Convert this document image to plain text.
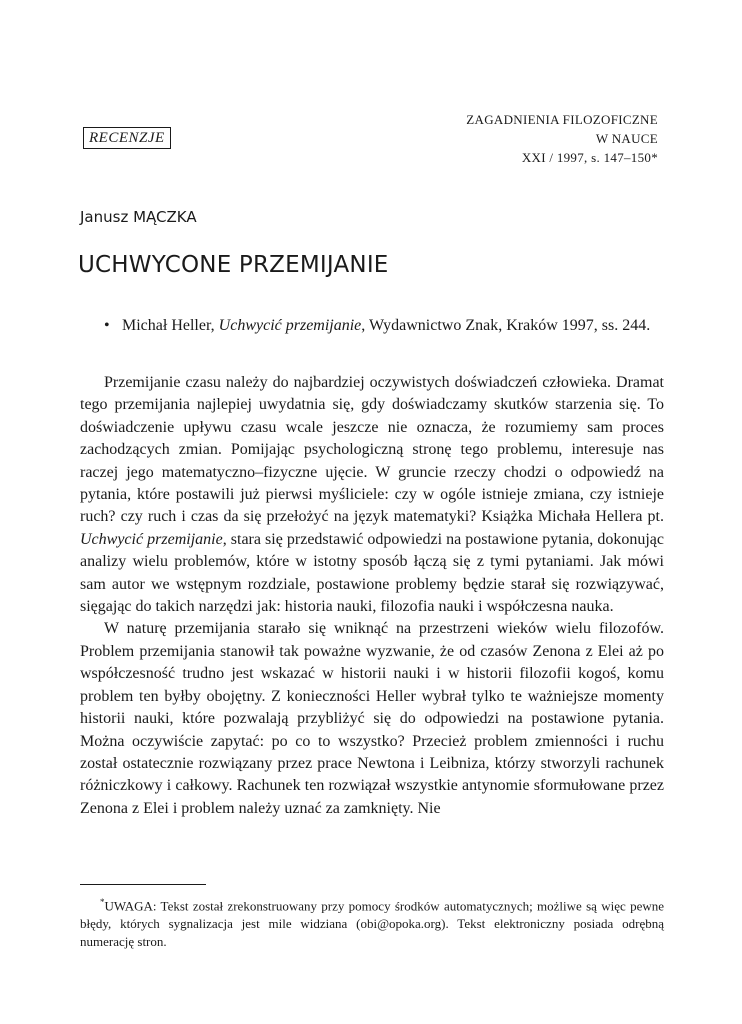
ZAGADNIENIA FILOZOFICZNE
W NAUCE
XXI / 1997, s. 147–150*
RECENZJE
Janusz MĄCZKA
UCHWYCONE PRZEMIJANIE
• Michał Heller, Uchwycić przemijanie, Wydawnictwo Znak, Kraków 1997, ss. 244.

Przemijanie czasu należy do najbardziej oczywistych doświadczeń człowieka. Dramat tego przemijania najlepiej uwydatnia się, gdy doświadczamy skutków starzenia się. To doświadczenie upływu czasu wcale jeszcze nie oznacza, że rozumiemy sam proces zachodzących zmian. Pomijając psychologiczną stronę tego problemu, interesuje nas raczej jego matematyczno–fizyczne ujęcie. W gruncie rzeczy chodzi o odpowiedź na pytania, które postawili już pierwsi myśliciele: czy w ogóle istnieje zmiana, czy istnieje ruch? czy ruch i czas da się przełożyć na język matematyki? Książka Michała Hellera pt. Uchwycić przemijanie, stara się przedstawić odpowiedzi na postawione pytania, dokonując analizy wielu problemów, które w istotny sposób łączą się z tymi pytaniami. Jak mówi sam autor we wstępnym rozdziale, postawione problemy będzie starał się rozwiązywać, sięgając do takich narzędzi jak: historia nauki, filozofia nauki i współczesna nauka.

W naturę przemijania starało się wniknąć na przestrzeni wieków wielu filozofów. Problem przemijania stanowił tak poważne wyzwanie, że od czasów Zenona z Elei aż po współczesność trudno jest wskazać w historii nauki i w historii filozofii kogoś, komu problem ten byłby obojętny. Z konieczności Heller wybrał tylko te ważniejsze momenty historii nauki, które pozwalają przybliżyć się do odpowiedzi na postawione pytania. Można oczywiście zapytać: po co to wszystko? Przecież problem zmienności i ruchu został ostatecznie rozwiązany przez prace Newtona i Leibniza, którzy stworzyli rachunek różniczkowy i całkowy. Rachunek ten rozwiązał wszystkie antynomie sformułowane przez Zenona z Elei i problem należy uznać za zamknięty. Nie

*UWAGA: Tekst został zrekonstruowany przy pomocy środków automatycznych; możliwe są więc pewne błędy, których sygnalizacja jest mile widziana (obi@opoka.org). Tekst elektroniczny posiada odrębną numerację stron.
